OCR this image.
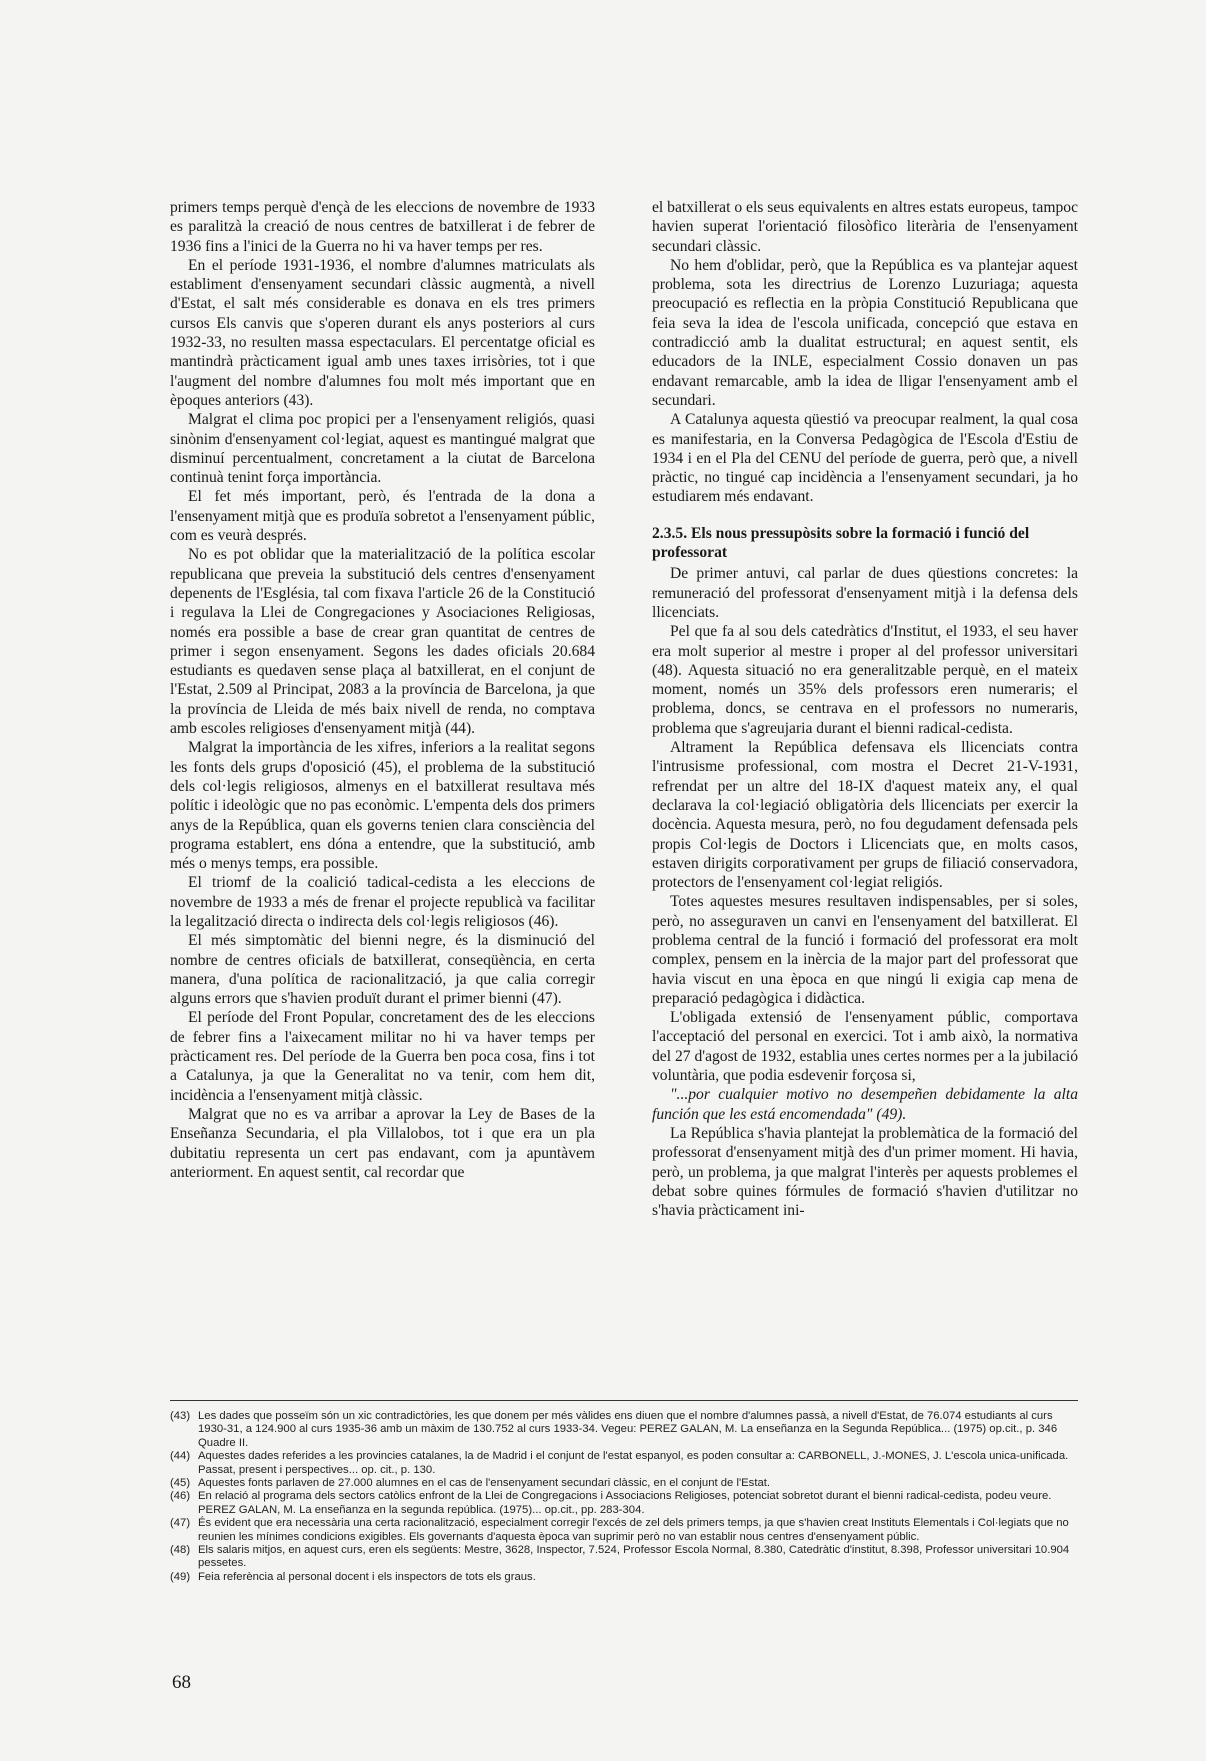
primers temps perquè d'ençà de les eleccions de novembre de 1933 es paralitzà la creació de nous centres de batxillerat i de febrer de 1936 fins a l'inici de la Guerra no hi va haver temps per res.

En el període 1931-1936, el nombre d'alumnes matriculats als establiment d'ensenyament secundari clàssic augmentà, a nivell d'Estat, el salt més considerable es donava en els tres primers cursos Els canvis que s'operen durant els anys posteriors al curs 1932-33, no resulten massa espectaculars. El percentatge oficial es mantindrà pràcticament igual amb unes taxes irrisòries, tot i que l'augment del nombre d'alumnes fou molt més important que en èpoques anteriors (43).

Malgrat el clima poc propici per a l'ensenyament religiós, quasi sinònim d'ensenyament col·legiat, aquest es mantingué malgrat que disminuí percentualment, concretament a la ciutat de Barcelona continuà tenint força importància.

El fet més important, però, és l'entrada de la dona a l'ensenyament mitjà que es produïa sobretot a l'ensenyament públic, com es veurà després.

No es pot oblidar que la materialització de la política escolar republicana que preveia la substitució dels centres d'ensenyament depenents de l'Església, tal com fixava l'article 26 de la Constitució i regulava la Llei de Congregaciones y Asociaciones Religiosas, només era possible a base de crear gran quantitat de centres de primer i segon ensenyament. Segons les dades oficials 20.684 estudiants es quedaven sense plaça al batxillerat, en el conjunt de l'Estat, 2.509 al Principat, 2083 a la província de Barcelona, ja que la província de Lleida de més baix nivell de renda, no comptava amb escoles religioses d'ensenyament mitjà (44).

Malgrat la importància de les xifres, inferiors a la realitat segons les fonts dels grups d'oposició (45), el problema de la substitució dels col·legis religiosos, almenys en el batxillerat resultava més polític i ideològic que no pas econòmic. L'empenta dels dos primers anys de la República, quan els governs tenien clara consciència del programa establert, ens dóna a entendre, que la substitució, amb més o menys temps, era possible.

El triomf de la coalició tadical-cedista a les eleccions de novembre de 1933 a més de frenar el projecte republicà va facilitar la legalització directa o indirecta dels col·legis religiosos (46).

El més simptomàtic del bienni negre, és la disminució del nombre de centres oficials de batxillerat, conseqüència, en certa manera, d'una política de racionalització, ja que calia corregir alguns errors que s'havien produït durant el primer bienni (47).

El període del Front Popular, concretament des de les eleccions de febrer fins a l'aixecament militar no hi va haver temps per pràcticament res. Del període de la Guerra ben poca cosa, fins i tot a Catalunya, ja que la Generalitat no va tenir, com hem dit, incidència a l'ensenyament mitjà clàssic.

Malgrat que no es va arribar a aprovar la Ley de Bases de la Enseñanza Secundaria, el pla Villalobos, tot i que era un pla dubitatiu representa un cert pas endavant, com ja apuntàvem anteriorment. En aquest sentit, cal recordar que

el batxillerat o els seus equivalents en altres estats europeus, tampoc havien superat l'orientació filosòfico literària de l'ensenyament secundari clàssic.

No hem d'oblidar, però, que la República es va plantejar aquest problema, sota les directrius de Lorenzo Luzuriaga; aquesta preocupació es reflectia en la pròpia Constitució Republicana que feia seva la idea de l'escola unificada, concepció que estava en contradicció amb la dualitat estructural; en aquest sentit, els educadors de la INLE, especialment Cossio donaven un pas endavant remarcable, amb la idea de lligar l'ensenyament amb el secundari.

A Catalunya aquesta qüestió va preocupar realment, la qual cosa es manifestaria, en la Conversa Pedagògica de l'Escola d'Estiu de 1934 i en el Pla del CENU del període de guerra, però que, a nivell pràctic, no tingué cap incidència a l'ensenyament secundari, ja ho estudiarem més endavant.

2.3.5. Els nous pressupòsits sobre la formació i funció del professorat

De primer antuvi, cal parlar de dues qüestions concretes: la remuneració del professorat d'ensenyament mitjà i la defensa dels llicenciats.

Pel que fa al sou dels catedràtics d'Institut, el 1933, el seu haver era molt superior al mestre i proper al del professor universitari (48). Aquesta situació no era generalitzable perquè, en el mateix moment, només un 35% dels professors eren numeraris; el problema, doncs, se centrava en el professors no numeraris, problema que s'agreujaria durant el bienni radical-cedista.

Altrament la República defensava els llicenciats contra l'intrusisme professional, com mostra el Decret 21-V-1931, refrendat per un altre del 18-IX d'aquest mateix any, el qual declarava la col·legiació obligatòria dels llicenciats per exercir la docència. Aquesta mesura, però, no fou degudament defensada pels propis Col·legis de Doctors i Llicenciats que, en molts casos, estaven dirigits corporativament per grups de filiació conservadora, protectors de l'ensenyament col·legiat religiós.

Totes aquestes mesures resultaven indispensables, per si soles, però, no asseguraven un canvi en l'ensenyament del batxillerat. El problema central de la funció i formació del professorat era molt complex, pensem en la inèrcia de la major part del professorat que havia viscut en una època en que ningú li exigia cap mena de preparació pedagògica i didàctica.

L'obligada extensió de l'ensenyament públic, comportava l'acceptació del personal en exercici. Tot i amb això, la normativa del 27 d'agost de 1932, establia unes certes normes per a la jubilació voluntària, que podia esdevenir forçosa si,

"...por cualquier motivo no desempeñen debidamente la alta función que les está encomendada" (49).

La República s'havia plantejat la problemàtica de la formació del professorat d'ensenyament mitjà des d'un primer moment. Hi havia, però, un problema, ja que malgrat l'interès per aquests problemes el debat sobre quines fórmules de formació s'havien d'utilitzar no s'havia pràcticament ini-

(43) Les dades que posseïm són un xic contradictòries, les que donem per més vàlides ens diuen que el nombre d'alumnes passà, a nivell d'Estat, de 76.074 estudiants al curs 1930-31, a 124.900 al curs 1935-36 amb un màxim de 130.752 al curs 1933-34. Vegeu: PEREZ GALAN, M. La enseñanza en la Segunda República... (1975) op.cit., p. 346 Quadre II.
(44) Aquestes dades referides a les provincies catalanes, la de Madrid i el conjunt de l'estat espanyol, es poden consultar a: CARBONELL, J.-MONES, J. L'escola unica-unificada. Passat, present i perspectives... op. cit., p. 130.
(45) Aquestes fonts parlaven de 27.000 alumnes en el cas de l'ensenyament secundari clàssic, en el conjunt de l'Estat.
(46) En relació al programa dels sectors catòlics enfront de la Llei de Congregacions i Associacions Religioses, potenciat sobretot durant el bienni radical-cedista, podeu veure. PEREZ GALAN, M. La enseñanza en la segunda república. (1975)... op.cit., pp. 283-304.
(47) És evident que era necessària una certa racionalització, especialment corregir l'excés de zel dels primers temps, ja que s'havien creat Instituts Elementals i Col·legiats que no reunien les mínimes condicions exigibles. Els governants d'aquesta època van suprimir però no van establir nous centres d'ensenyament públic.
(48) Els salaris mitjos, en aquest curs, eren els següents: Mestre, 3628, Inspector, 7.524, Professor Escola Normal, 8.380, Catedràtic d'institut, 8.398, Professor universitari 10.904 pessetes.
(49) Feia referència al personal docent i els inspectors de tots els graus.
68
